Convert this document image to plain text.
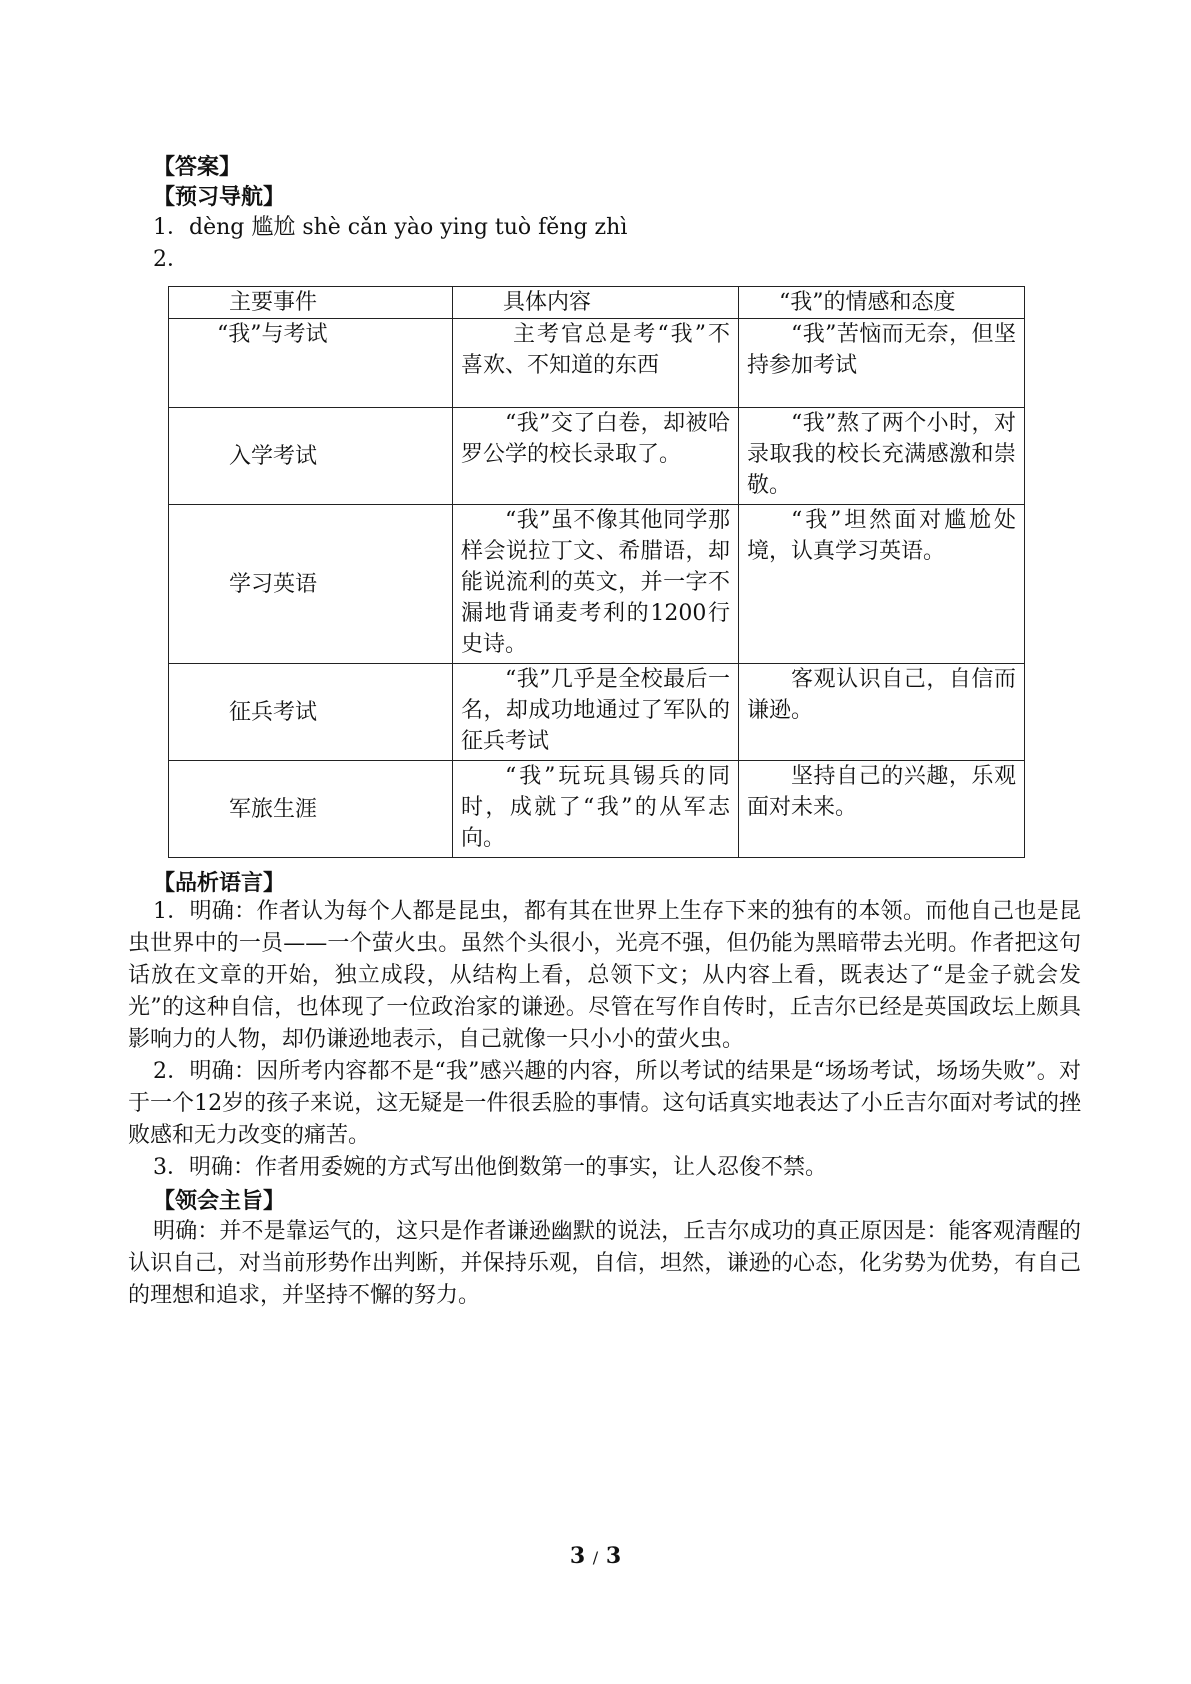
【答案】
【预习导航】
1．dèng 尴尬 shè cǎn yào ying tuò fěng zhì
2．
主要事件	具体内容	“我”的情感和态度
“我”与考试	主考官总是考“我”不喜欢、不知道的东西	“我”苦恼而无奈，但坚持参加考试
入学考试	“我”交了白卷，却被哈罗公学的校长录取了。	“我”熬了两个小时，对录取我的校长充满感激和崇敬。
学习英语	“我”虽不像其他同学那样会说拉丁文、希腊语，却能说流利的英文，并一字不漏地背诵麦考利的1200行史诗。	“我”坦然面对尴尬处境，认真学习英语。
征兵考试	“我”几乎是全校最后一名，却成功地通过了军队的征兵考试	客观认识自己，自信而谦逊。
军旅生涯	“我”玩玩具锡兵的同时，成就了“我”的从军志向。	坚持自己的兴趣，乐观面对未来。
【品析语言】
1．明确：作者认为每个人都是昆虫，都有其在世界上生存下来的独有的本领。而他自己也是昆虫世界中的一员——一个萤火虫。虽然个头很小，光亮不强，但仍能为黑暗带去光明。作者把这句话放在文章的开始，独立成段，从结构上看，总领下文；从内容上看，既表达了“是金子就会发光”的这种自信，也体现了一位政治家的谦逊。尽管在写作自传时，丘吉尔已经是英国政坛上颇具影响力的人物，却仍谦逊地表示，自己就像一只小小的萤火虫。
2．明确：因所考内容都不是“我”感兴趣的内容，所以考试的结果是“场场考试，场场失败”。对于一个12岁的孩子来说，这无疑是一件很丢脸的事情。这句话真实地表达了小丘吉尔面对考试的挫败感和无力改变的痛苦。
3．明确：作者用委婉的方式写出他倒数第一的事实，让人忍俊不禁。
【领会主旨】
明确：并不是靠运气的，这只是作者谦逊幽默的说法，丘吉尔成功的真正原因是：能客观清醒的认识自己，对当前形势作出判断，并保持乐观，自信，坦然，谦逊的心态，化劣势为优势，有自己的理想和追求，并坚持不懈的努力。
3 / 3
